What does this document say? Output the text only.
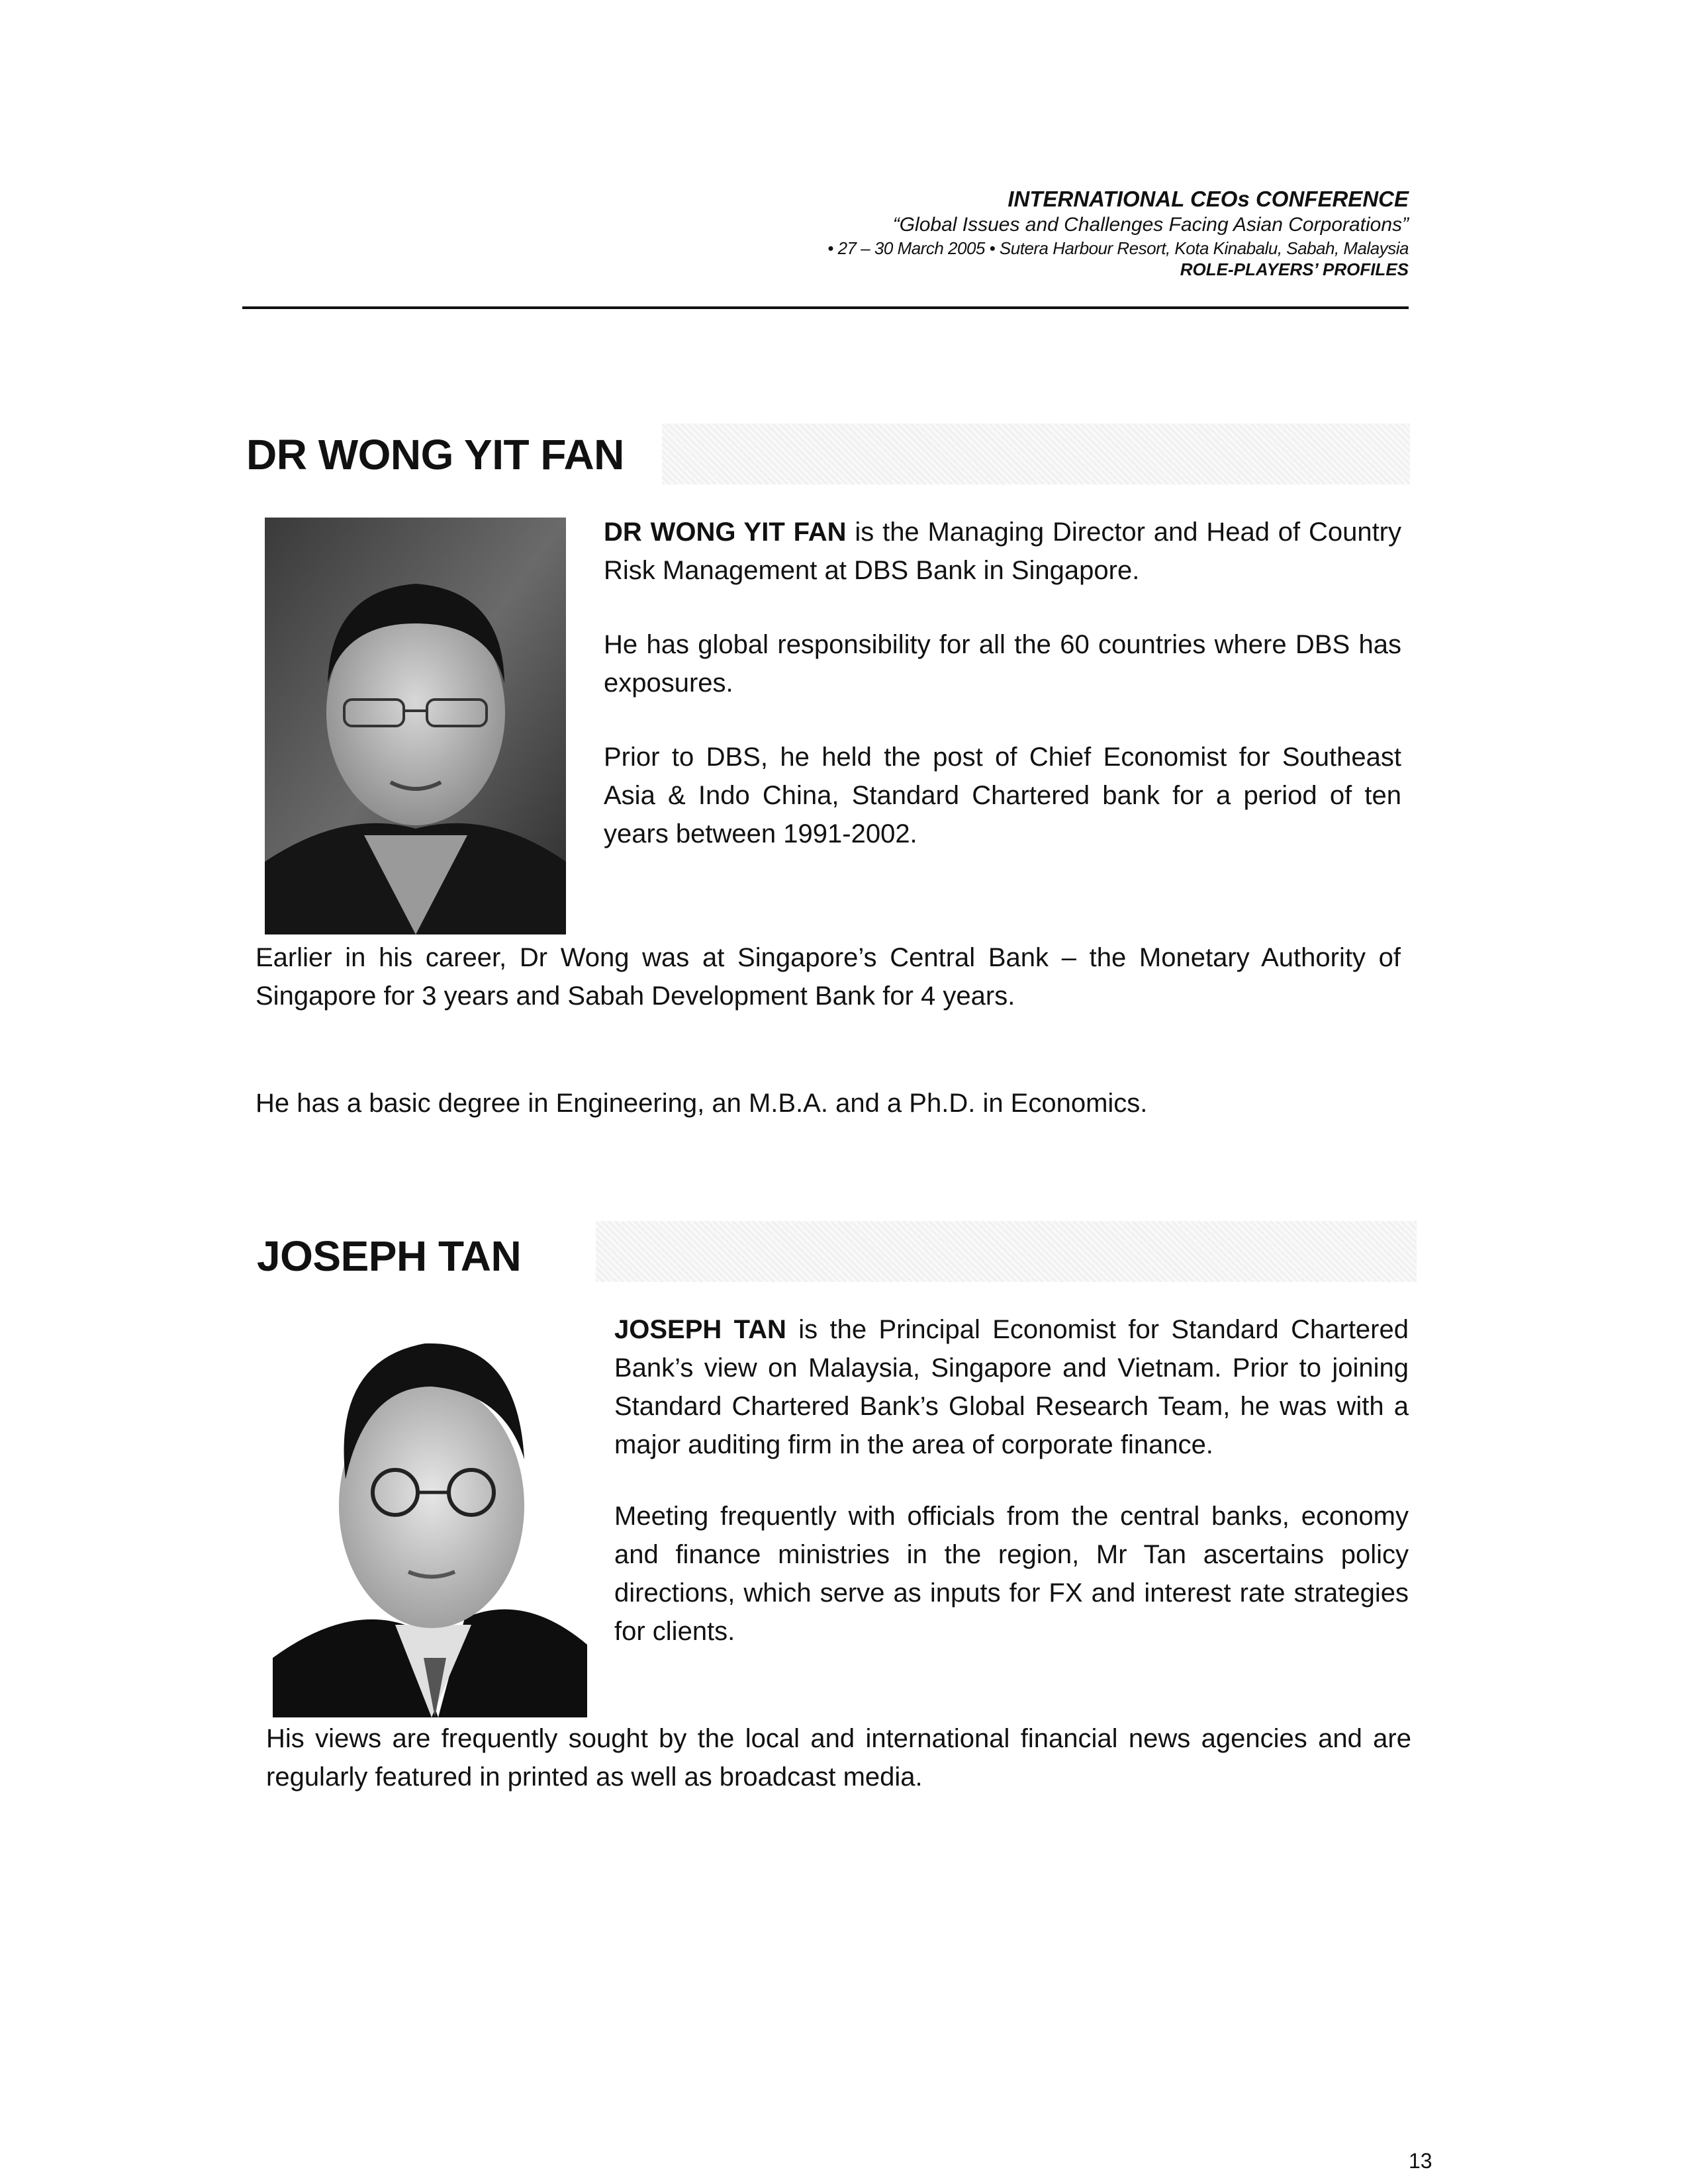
INTERNATIONAL CEOs CONFERENCE
“Global Issues and Challenges Facing Asian Corporations”
• 27 – 30 March 2005 • Sutera Harbour Resort, Kota Kinabalu, Sabah, Malaysia
ROLE-PLAYERS’ PROFILES
DR WONG YIT FAN

DR WONG YIT FAN is the Managing Director and Head of Country Risk Management at DBS Bank in Singapore.

He has global responsibility for all the 60 countries where DBS has exposures.

Prior to DBS, he held the post of Chief Economist for Southeast Asia & Indo China, Standard Chartered bank for a period of ten years between 1991-2002.

Earlier in his career, Dr Wong was at Singapore’s Central Bank – the Monetary Authority of Singapore for 3 years and Sabah Development Bank for 4 years.

He has a basic degree in Engineering, an M.B.A. and a Ph.D. in Economics.

JOSEPH TAN

JOSEPH TAN is the Principal Economist for Standard Chartered Bank’s view on Malaysia, Singapore and Vietnam. Prior to joining Standard Chartered Bank’s Global Research Team, he was with a major auditing firm in the area of corporate finance.

Meeting frequently with officials from the central banks, economy and finance ministries in the region, Mr Tan ascertains policy directions, which serve as inputs for FX and interest rate strategies for clients.

His views are frequently sought by the local and international financial news agencies and are regularly featured in printed as well as broadcast media.

13
